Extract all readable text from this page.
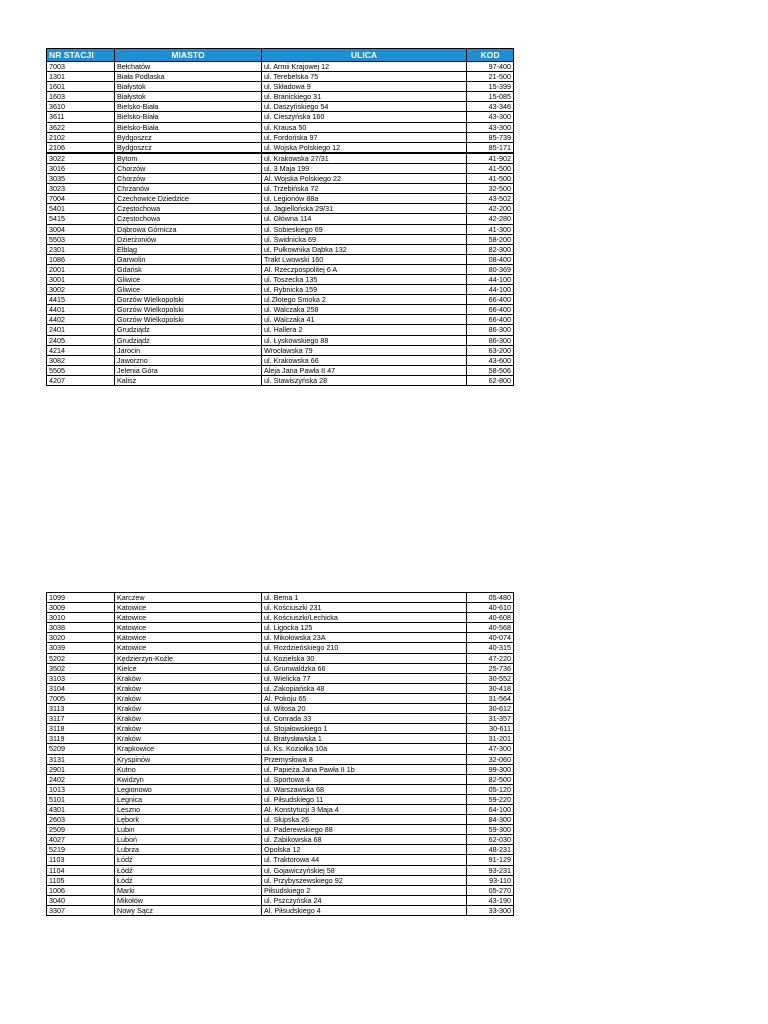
NR STACJI	MIASTO	ULICA	KOD
7003	Bełchatów	ul. Armii Krajowej 12	97-400
1301	Biała Podlaska	ul. Terebelska 75	21-500
1601	Białystok	ul. Składowa 9	15-399
1603	Białystok	ul. Branickiego 31	15-085
3610	Bielsko-Biała	ul. Daszyńskiego 54	43-346
3611	Bielsko-Biała	ul. Cieszyńska 160	43-300
3622	Bielsko-Biała	ul. Krausa 50	43-300
2102	Bydgoszcz	ul. Fordońska 97	85-739
2106	Bydgoszcz	ul. Wojska Polskiego 12	85-171
3022	Bytom	ul. Krakowska 27/31	41-902
3016	Chorzów	ul. 3 Maja 199	41-500
3035	Chorzów	Al. Wojska Polskiego 22	41-500
3023	Chrzanów	ul. Trzebińska 72	32-500
7004	Czechowice Dziedzice	ul. Legionów 88a	43-502
5401	Częstochowa	ul. Jagiellońska 29/31	42-200
5415	Częstochowa	ul. Główna 114	42-280
3004	Dąbrowa Górnicza	ul. Sobieskiego 69	41-300
5503	Dzierżoniów	ul. Świdnicka 69	58-200
2301	Elbląg	ul. Pułkownika Dąbka 132	82-300
1086	Garwolin	Trakt Lwowski 160	08-400
2001	Gdańsk	Al. Rzeczpospolitej 6 A	80-369
3001	Gliwice	ul. Toszecka 135	44-100
3002	Gliwice	ul. Rybnicka 159	44-100
4415	Gorzów Wielkopolski	ul.Złotego Smoka 2	66-400
4401	Gorzów Wielkopolski	ul. Walczaka 258	66-400
4402	Gorzów Wielkopolski	ul. Walczaka 41	66-400
2401	Grudziądz	ul. Hallera 2	86-300
2405	Grudziądz	ul. Łyskowskiego 88	86-300
4214	Jarocin	Wrocławska 79	63-200
3082	Jaworzno	ul. Krakowska 66	43-600
5505	Jelenia Góra	Aleja Jana Pawła II 47	58-506
4207	Kalisz	ul. Stawiszyńska 28	62-800
1099	Karczew	ul. Bema 1	05-480
3009	Katowice	ul. Kościuszki 231	40-610
3010	Katowice	ul. Kościuszki/Lechicka	40-608
3038	Katowice	ul. Ligocka 125	40-568
3020	Katowice	ul. Mikołowska 23A	40-074
3039	Katowice	ul. Rozdzieńskiego 210	40-315
5202	Kędzierzyn-Koźle	ul. Kozielska 30	47-220
3502	Kielce	ul. Grunwaldzka 66	25-736
3103	Kraków	ul. Wielicka 77	30-552
3104	Kraków	ul. Zakopiańska 48	30-418
7005	Kraków	Al. Pokoju 65	31-564
3113	Kraków	ul. Witosa 20	30-612
3117	Kraków	ul. Conrada 33	31-357
3118	Kraków	ul. Stojałowskiego 1	30-611
3119	Kraków	ul. Bratysławska 1	31-201
5209	Krapkowice	ul. Ks. Koziołka 10a	47-300
3131	Kryspinów	Przemysłowa 8	32-060
2901	Kutno	ul. Papieża Jana Pawła II 1b	99-300
2402	Kwidzyn	ul. Sportowa 4	82-500
1013	Legionowo	ul. Warszawska 68	05-120
5101	Legnica	ul. Piłsudskiego 11	59-220
4301	Leszno	Al. Konstytucji 3 Maja 4	64-100
2603	Lębork	ul. Słupska 26	84-300
2509	Lubin	ul. Paderewskiego 88	59-300
4027	Luboń	ul. Żabikowska 68	62-030
5219	Lubrza	Opolska 12	48-231
1103	Łódź	ul. Traktorowa 44	91-129
1104	Łódź	ul. Gojawiczyńskiej 58	93-231
1105	Łódź	ul. Przybyszewskiego 92	93-110
1006	Marki	Piłsudskiego 2	05-270
3040	Mikołów	ul. Pszczyńska 24	43-190
3307	Nowy Sącz	Al. Piłsudskiego 4	33-300
